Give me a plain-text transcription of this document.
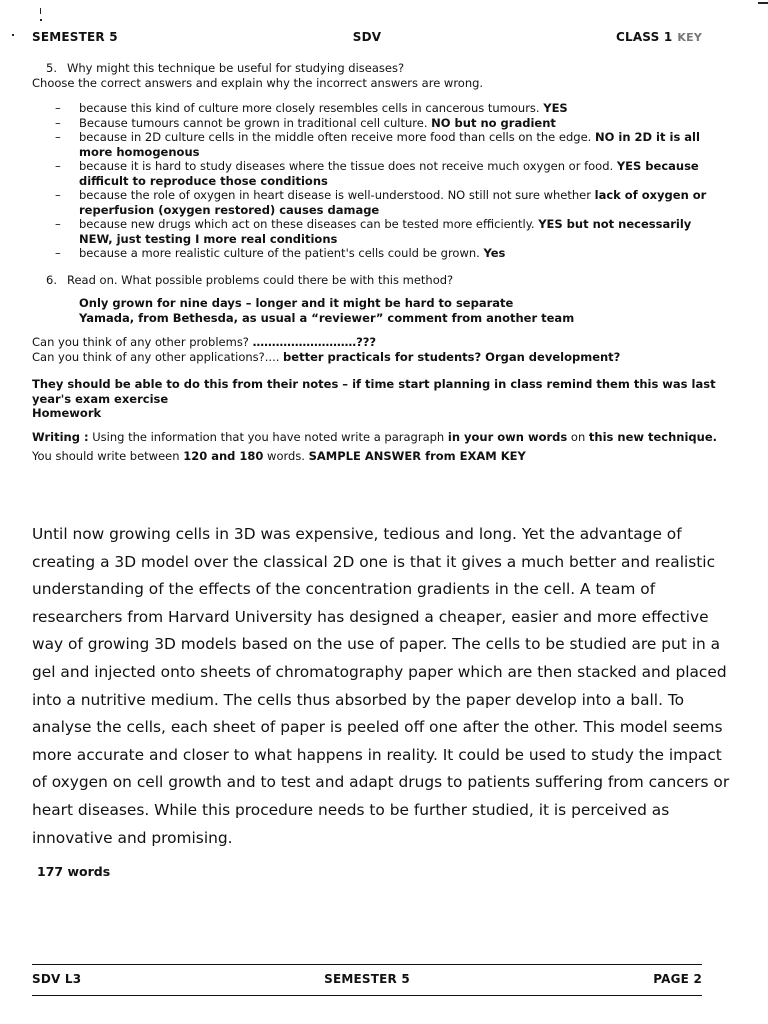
SEMESTER 5	SDV	CLASS 1 KEY

5. Why might this technique be useful for studying diseases?

Choose the correct answers and explain why the incorrect answers are wrong.

– because this kind of culture more closely resembles cells in cancerous tumours. YES
– Because tumours cannot be grown in traditional cell culture. NO but no gradient
– because in 2D culture cells in the middle often receive more food than cells on the edge. NO in 2D it is all more homogenous
– because it is hard to study diseases where the tissue does not receive much oxygen or food. YES because difficult to reproduce those conditions
– because the role of oxygen in heart disease is well-understood. NO still not sure whether lack of oxygen or reperfusion (oxygen restored) causes damage
– because new drugs which act on these diseases can be tested more efficiently. YES but not necessarily NEW, just testing I more real conditions
– because a more realistic culture of the patient's cells could be grown. Yes

6. Read on. What possible problems could there be with this method?

Only grown for nine days – longer and it might be hard to separate
Yamada, from Bethesda, as usual a “reviewer” comment from another team

Can you think of any other problems? ………………………???

Can you think of any other applications?.... better practicals for students? Organ development?

They should be able to do this from their notes – if time start planning in class remind them this was last year's exam exercise

Homework

Writing : Using the information that you have noted write a paragraph in your own words on this new technique.

You should write between 120 and 180 words. SAMPLE ANSWER from EXAM KEY

Until now growing cells in 3D was expensive, tedious and long. Yet the advantage of creating a 3D model over the classical 2D one is that it gives a much better and realistic understanding of the effects of the concentration gradients in the cell. A team of researchers from Harvard University has designed a cheaper, easier and more effective way of growing 3D models based on the use of paper. The cells to be studied are put in a gel and injected onto sheets of chromatography paper which are then stacked and placed into a nutritive medium. The cells thus absorbed by the paper develop into a ball. To analyse the cells, each sheet of paper is peeled off one after the other. This model seems more accurate and closer to what happens in reality. It could be used to study the impact of oxygen on cell growth and to test and adapt drugs to patients suffering from cancers or heart diseases. While this procedure needs to be further studied, it is perceived as innovative and promising.

177 words
SDV L3	SEMESTER 5	PAGE 2
